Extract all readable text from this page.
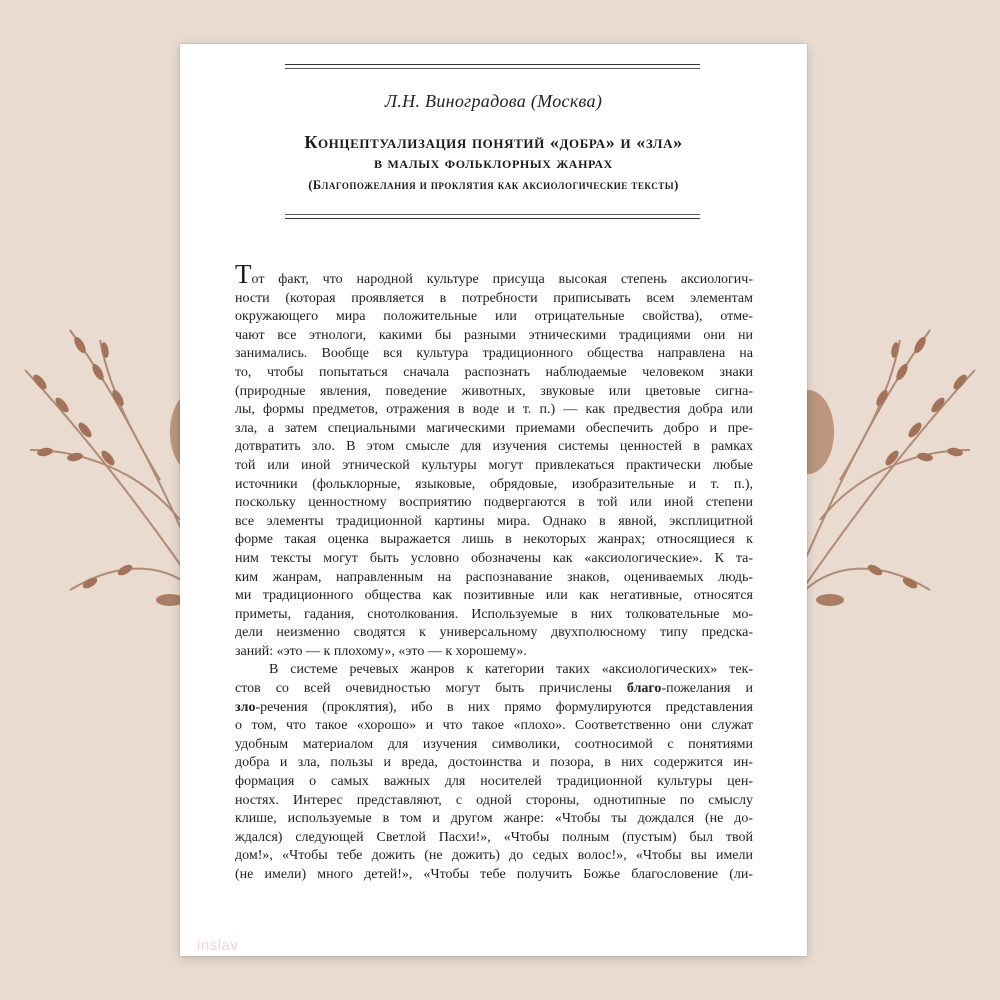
Л.Н. Виноградова (Москва)
Концептуализация понятий «добра» и «зла»
в малых фольклорных жанрах
(Благопожелания и проклятия как аксиологические тексты)
Тот факт, что народной культуре присуща высокая степень аксиологич-
ности (которая проявляется в потребности приписывать всем элементам
окружающего мира положительные или отрицательные свойства), отме-
чают все этнологи, какими бы разными этническими традициями они ни
занимались. Вообще вся культура традиционного общества направлена на
то, чтобы попытаться сначала распознать наблюдаемые человеком знаки
(природные явления, поведение животных, звуковые или цветовые сигна-
лы, формы предметов, отражения в воде и т. п.) — как предвестия добра или
зла, а затем специальными магическими приемами обеспечить добро и пре-
дотвратить зло. В этом смысле для изучения системы ценностей в рамках
той или иной этнической культуры могут привлекаться практически любые
источники (фольклорные, языковые, обрядовые, изобразительные и т. п.),
поскольку ценностному восприятию подвергаются в той или иной степени
все элементы традиционной картины мира. Однако в явной, эксплицитной
форме такая оценка выражается лишь в некоторых жанрах; относящиеся к
ним тексты могут быть условно обозначены как «аксиологические». К та-
ким жанрам, направленным на распознавание знаков, оцениваемых людь-
ми традиционного общества как позитивные или как негативные, относятся
приметы, гадания, снотолкования. Используемые в них толковательные мо-
дели неизменно сводятся к универсальному двухполюсному типу предска-
заний: «это — к плохому», «это — к хорошему».
В системе речевых жанров к категории таких «аксиологических» тек-
стов со всей очевидностью могут быть причислены благо-пожелания и
зло-речения (проклятия), ибо в них прямо формулируются представления
о том, что такое «хорошо» и что такое «плохо». Соответственно они служат
удобным материалом для изучения символики, соотносимой с понятиями
добра и зла, пользы и вреда, достоинства и позора, в них содержится ин-
формация о самых важных для носителей традиционной культуры цен-
ностях. Интерес представляют, с одной стороны, однотипные по смыслу
клише, используемые в том и другом жанре: «Чтобы ты дождался (не до-
ждался) следующей Светлой Пасхи!», «Чтобы полным (пустым) был твой
дом!», «Чтобы тебе дожить (не дожить) до седых волос!», «Чтобы вы имели
(не имели) много детей!», «Чтобы тебе получить Божье благословение (ли-
inslav
